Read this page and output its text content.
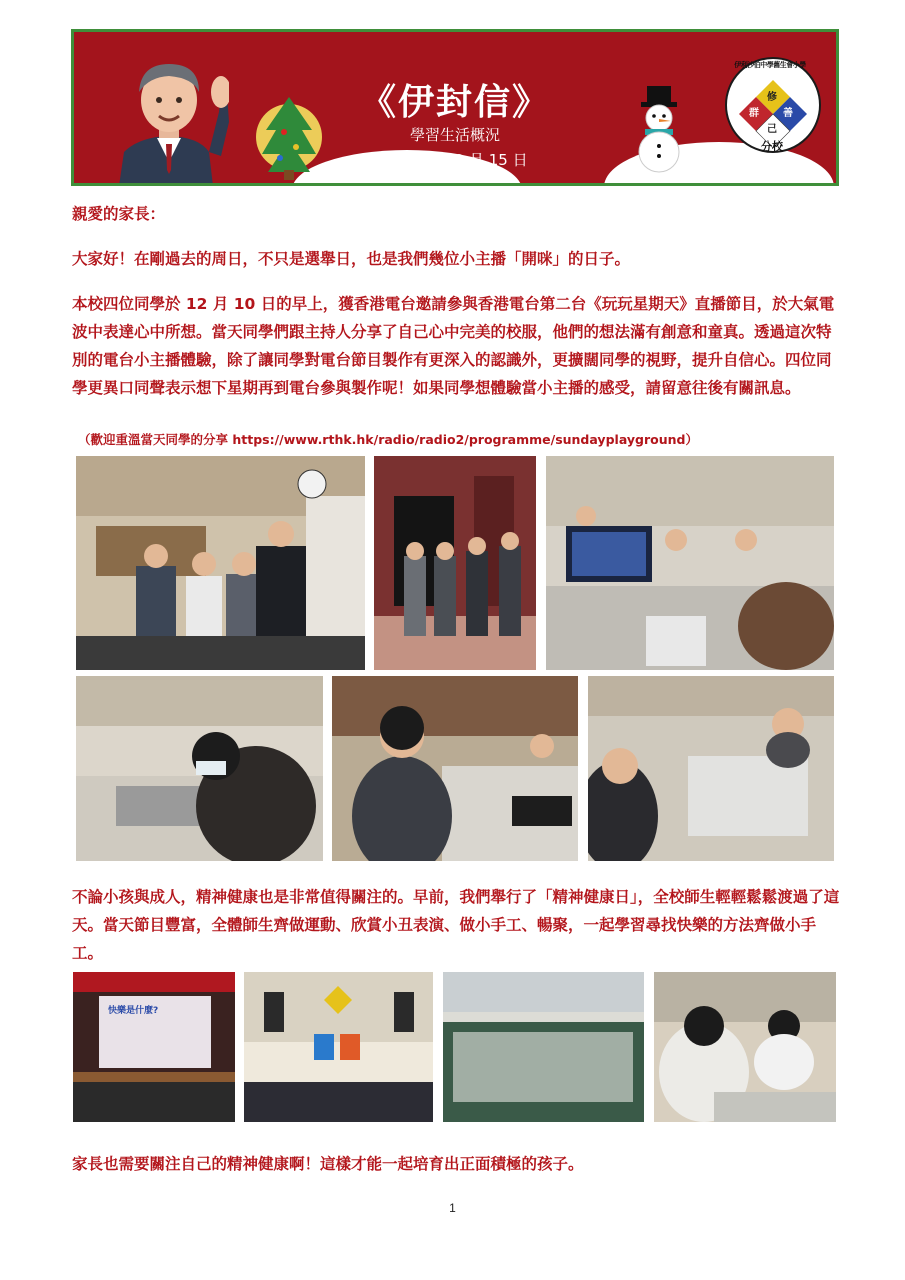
《伊封信》
學習生活概況
2023 年 12 月 15 日
修
善
群
己
分校
伊利沙伯中學舊生會小學

親愛的家長：

大家好！在剛過去的周日，不只是選舉日，也是我們幾位小主播「開咪」的日子。

本校四位同學於 12 月 10 日的早上，獲香港電台邀請參與香港電台第二台《玩玩星期天》直播節目，於大氣電波中表達心中所想。當天同學們跟主持人分享了自己心中完美的校服，他們的想法滿有創意和童真。透過這次特別的電台小主播體驗，除了讓同學對電台節目製作有更深入的認識外，更擴闊同學的視野，提升自信心。四位同學更異口同聲表示想下星期再到電台參與製作呢！如果同學想體驗當小主播的感受，請留意往後有關訊息。

（歡迎重溫當天同學的分享 https://www.rthk.hk/radio/radio2/programme/sundayplayground）

不論小孩與成人，精神健康也是非常值得關注的。早前，我們舉行了「精神健康日」，全校師生輕輕鬆鬆渡過了這天。當天節目豐富，全體師生齊做運動、欣賞小丑表演、做小手工、暢聚，一起學習尋找快樂的方法齊做小手工。

快樂是什麼?

家長也需要關注自己的精神健康啊！這樣才能一起培育出正面積極的孩子。

1
